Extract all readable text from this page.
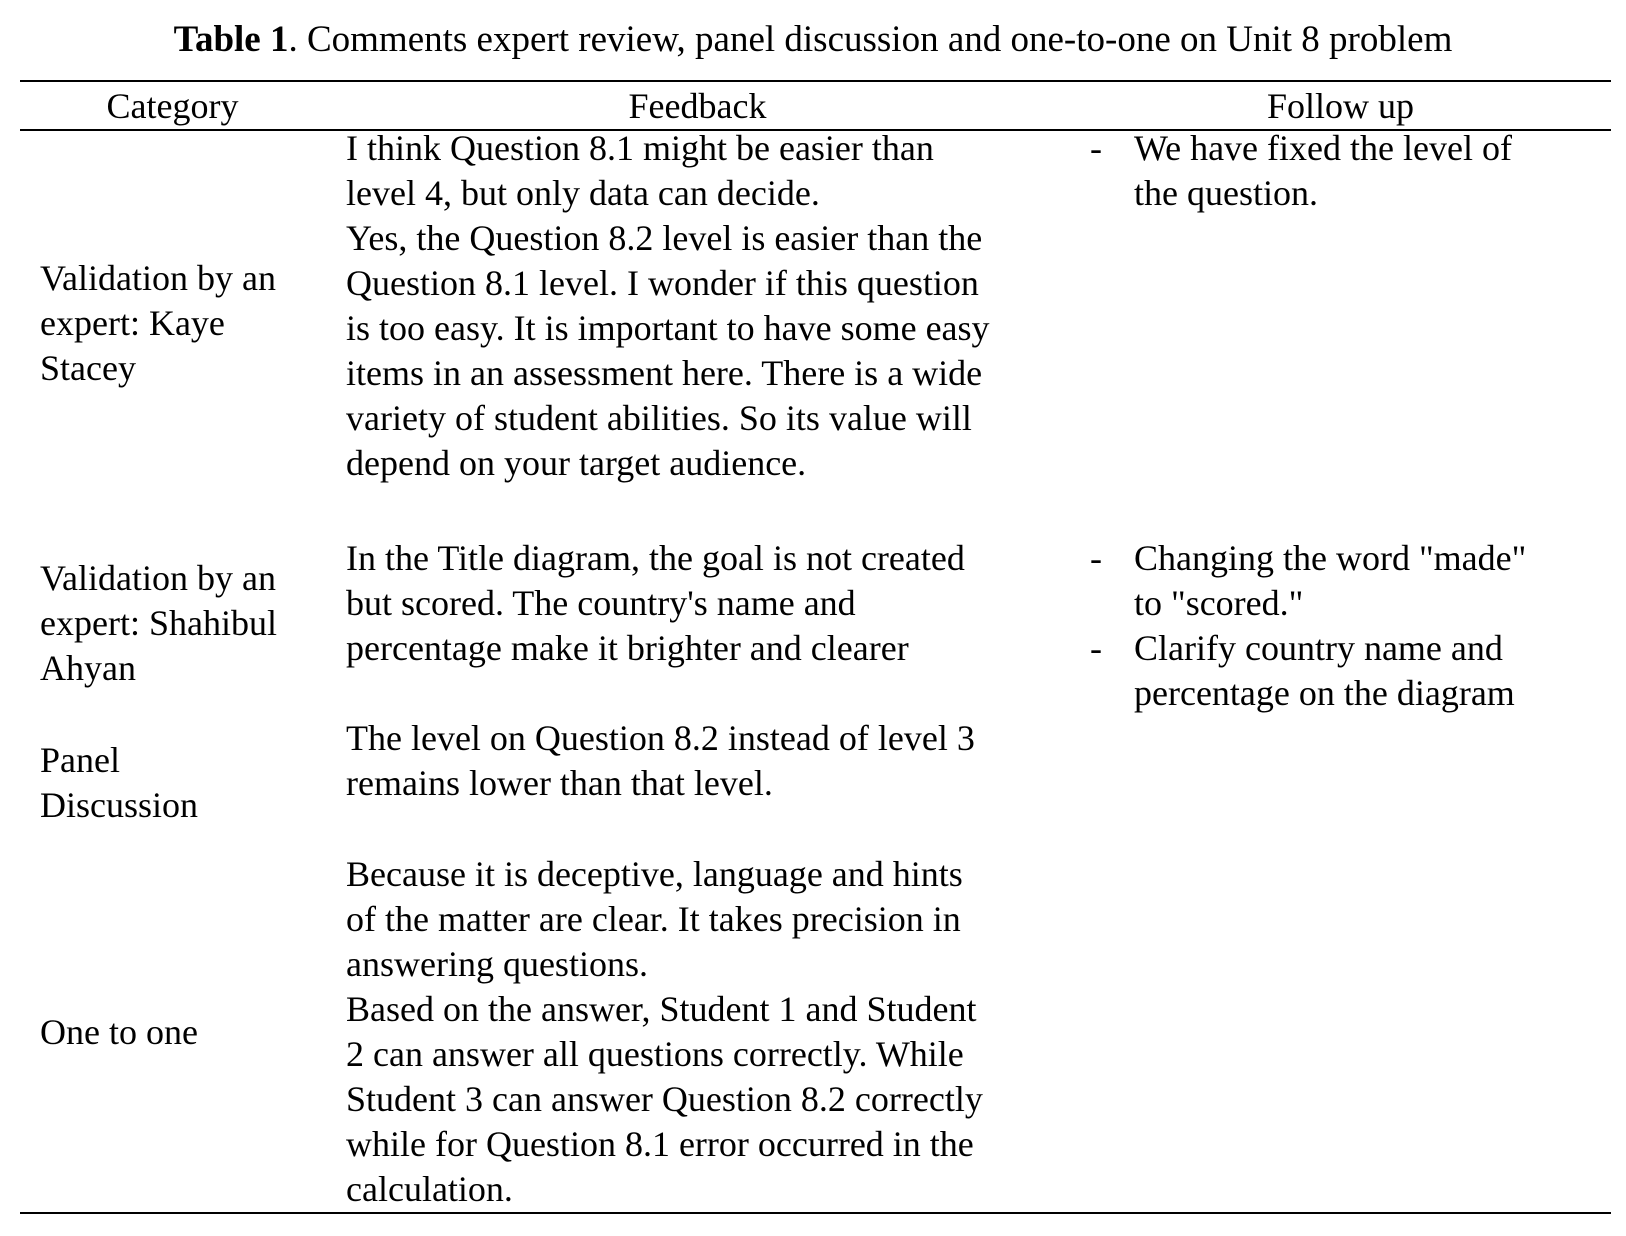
Table 1. Comments expert review, panel discussion and one-to-one on Unit 8 problem
Category	Feedback	Follow up

Validation by an

expert: Kaye

Stacey

I think Question 8.1 might be easier than

level 4, but only data can decide.

Yes, the Question 8.2 level is easier than the

Question 8.1 level. I wonder if this question

is too easy. It is important to have some easy

items in an assessment here. There is a wide

variety of student abilities. So its value will

depend on your target audience.

- We have fixed the level of

the question.

Validation by an

expert: Shahibul

Ahyan

In the Title diagram, the goal is not created

but scored. The country's name and

percentage make it brighter and clearer

- Changing the word "made"

to "scored."

- Clarify country name and

percentage on the diagram

Panel

Discussion

The level on Question 8.2 instead of level 3

remains lower than that level.

One to one

Because it is deceptive, language and hints

of the matter are clear. It takes precision in

answering questions.

Based on the answer, Student 1 and Student

2 can answer all questions correctly. While

Student 3 can answer Question 8.2 correctly

while for Question 8.1 error occurred in the

calculation.
